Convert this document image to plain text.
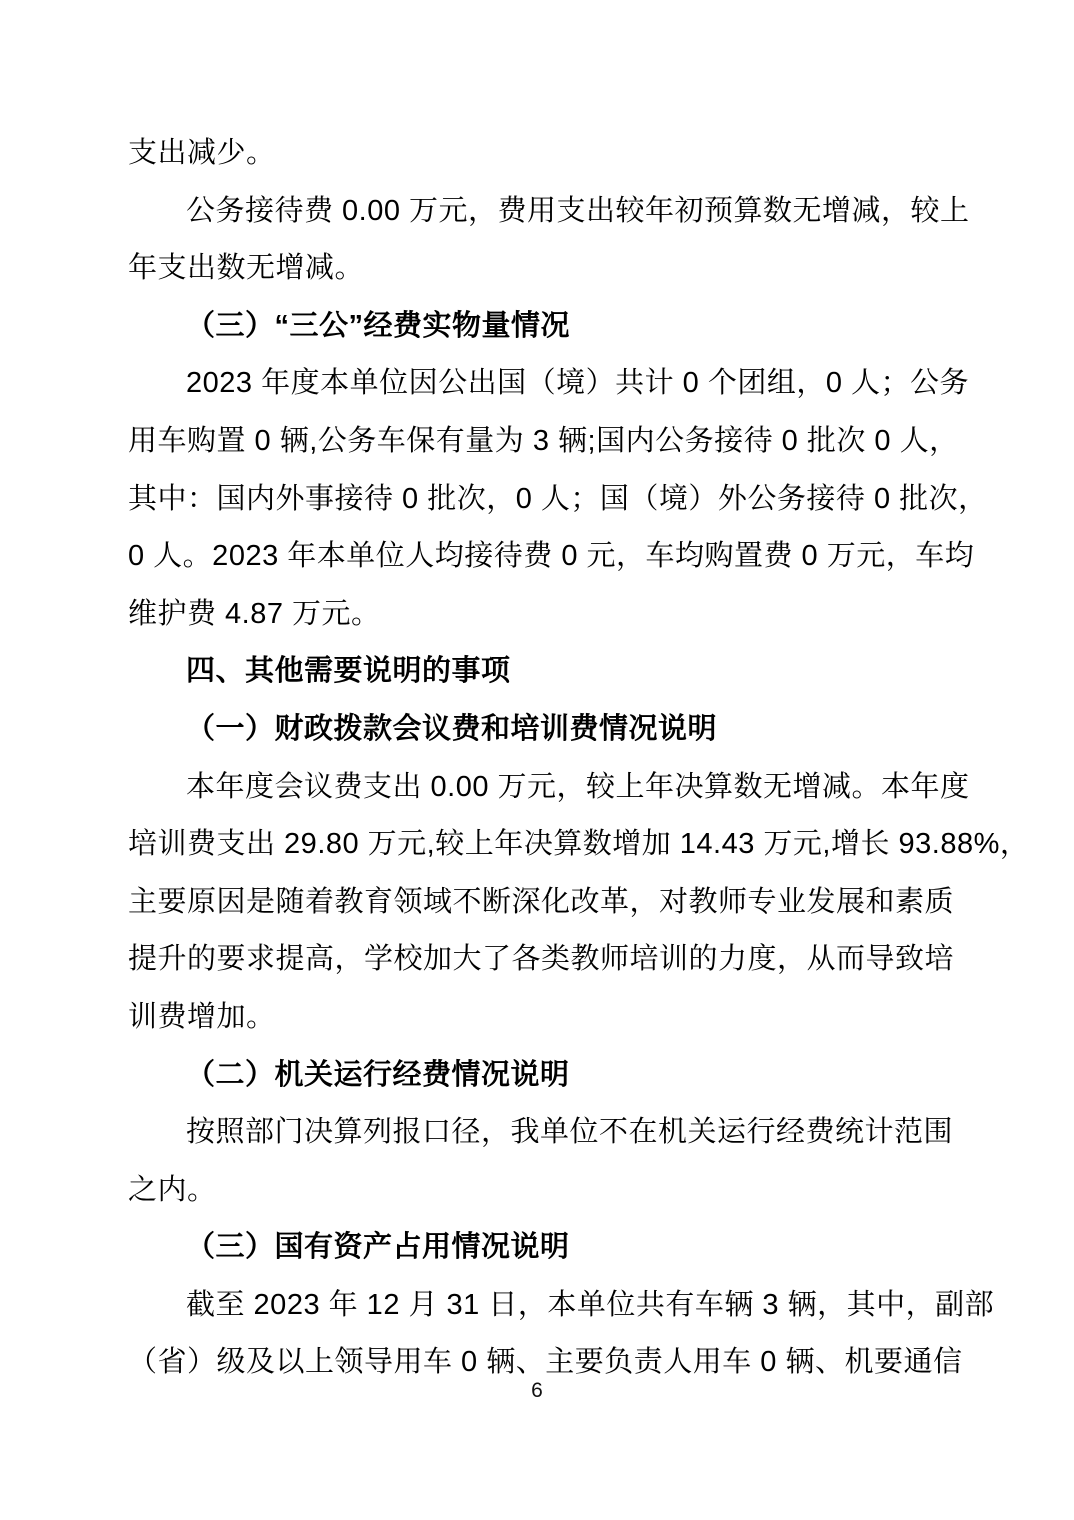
支出减少。
公务接待费 0.00 万元，费用支出较年初预算数无增减，较上
年支出数无增减。
（三）“三公”经费实物量情况
2023 年度本单位因公出国（境）共计 0 个团组，0 人；公务
用车购置 0 辆,公务车保有量为 3 辆;国内公务接待 0 批次 0 人，
其中：国内外事接待 0 批次，0 人；国（境）外公务接待 0 批次，
0 人。2023 年本单位人均接待费 0 元，车均购置费 0 万元，车均
维护费 4.87 万元。
四、其他需要说明的事项
（一）财政拨款会议费和培训费情况说明
本年度会议费支出 0.00 万元，较上年决算数无增减。本年度
培训费支出 29.80 万元,较上年决算数增加 14.43 万元,增长 93.88%，
主要原因是随着教育领域不断深化改革，对教师专业发展和素质
提升的要求提高，学校加大了各类教师培训的力度，从而导致培
训费增加。
（二）机关运行经费情况说明
按照部门决算列报口径，我单位不在机关运行经费统计范围
之内。
（三）国有资产占用情况说明
截至 2023 年 12 月 31 日，本单位共有车辆 3 辆，其中，副部
（省）级及以上领导用车 0 辆、主要负责人用车 0 辆、机要通信
6
